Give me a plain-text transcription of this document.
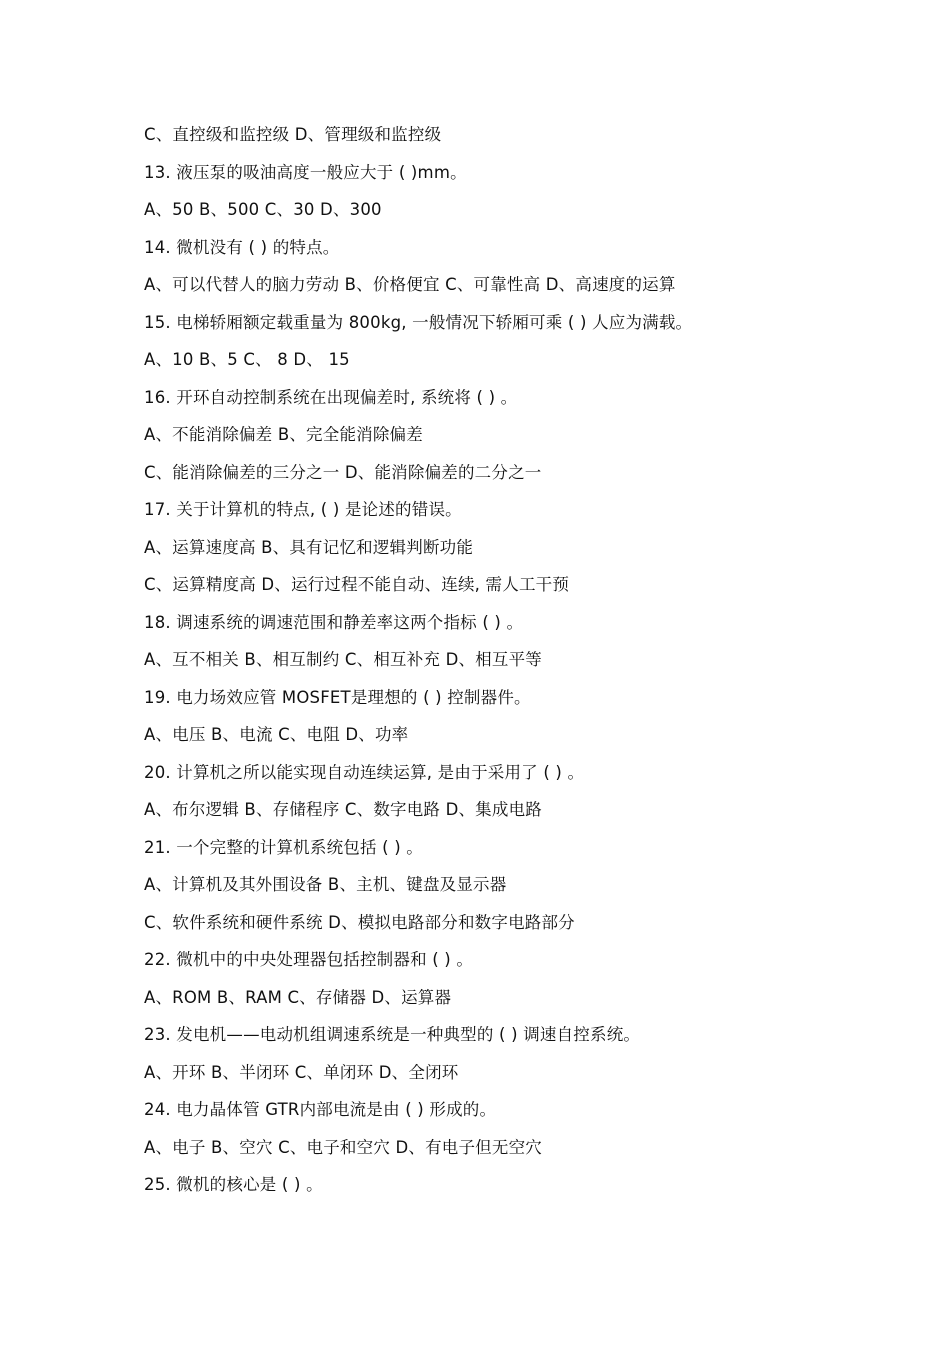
C、直控级和监控级 D、管理级和监控级
13. 液压泵的吸油高度一般应大于 ( )mm。
A、50 B、500 C、30 D、300
14. 微机没有 ( ) 的特点。
A、可以代替人的脑力劳动 B、价格便宜 C、可靠性高 D、高速度的运算
15. 电梯轿厢额定载重量为 800kg, 一般情况下轿厢可乘 ( ) 人应为满载。
A、10 B、5 C、 8 D、 15
16. 开环自动控制系统在出现偏差时, 系统将 ( ) 。
A、不能消除偏差 B、完全能消除偏差
C、能消除偏差的三分之一 D、能消除偏差的二分之一
17. 关于计算机的特点, ( ) 是论述的错误。
A、运算速度高 B、具有记忆和逻辑判断功能
C、运算精度高 D、运行过程不能自动、连续, 需人工干预
18. 调速系统的调速范围和静差率这两个指标 ( ) 。
A、互不相关 B、相互制约 C、相互补充 D、相互平等
19. 电力场效应管 MOSFET是理想的 ( ) 控制器件。
A、电压 B、电流 C、电阻 D、功率
20. 计算机之所以能实现自动连续运算, 是由于采用了 ( ) 。
A、布尔逻辑 B、存储程序 C、数字电路 D、集成电路
21. 一个完整的计算机系统包括 ( ) 。
A、计算机及其外围设备 B、主机、键盘及显示器
C、软件系统和硬件系统 D、模拟电路部分和数字电路部分
22. 微机中的中央处理器包括控制器和 ( ) 。
A、ROM B、RAM C、存储器 D、运算器
23. 发电机——电动机组调速系统是一种典型的 ( ) 调速自控系统。
A、开环 B、半闭环 C、单闭环 D、全闭环
24. 电力晶体管 GTR内部电流是由 ( ) 形成的。
A、电子 B、空穴 C、电子和空穴 D、有电子但无空穴
25. 微机的核心是 ( ) 。
